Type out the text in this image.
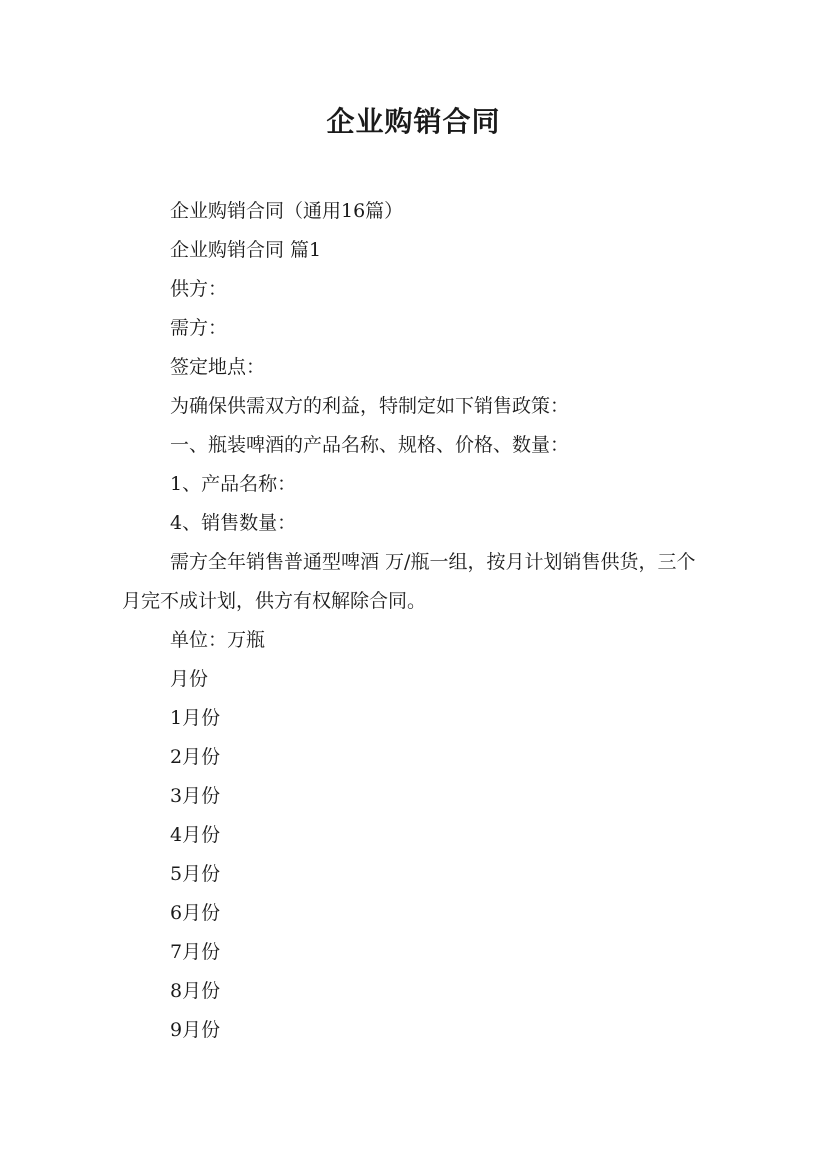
企业购销合同

企业购销合同（通用16篇）

企业购销合同 篇1

供方：

需方：

签定地点：

为确保供需双方的利益，特制定如下销售政策：

一、瓶装啤酒的产品名称、规格、价格、数量：

1、产品名称：

4、销售数量：

需方全年销售普通型啤酒 万/瓶一组，按月计划销售供货，三个月完不成计划，供方有权解除合同。

单位：万瓶

月份

1月份

2月份

3月份

4月份

5月份

6月份

7月份

8月份

9月份
